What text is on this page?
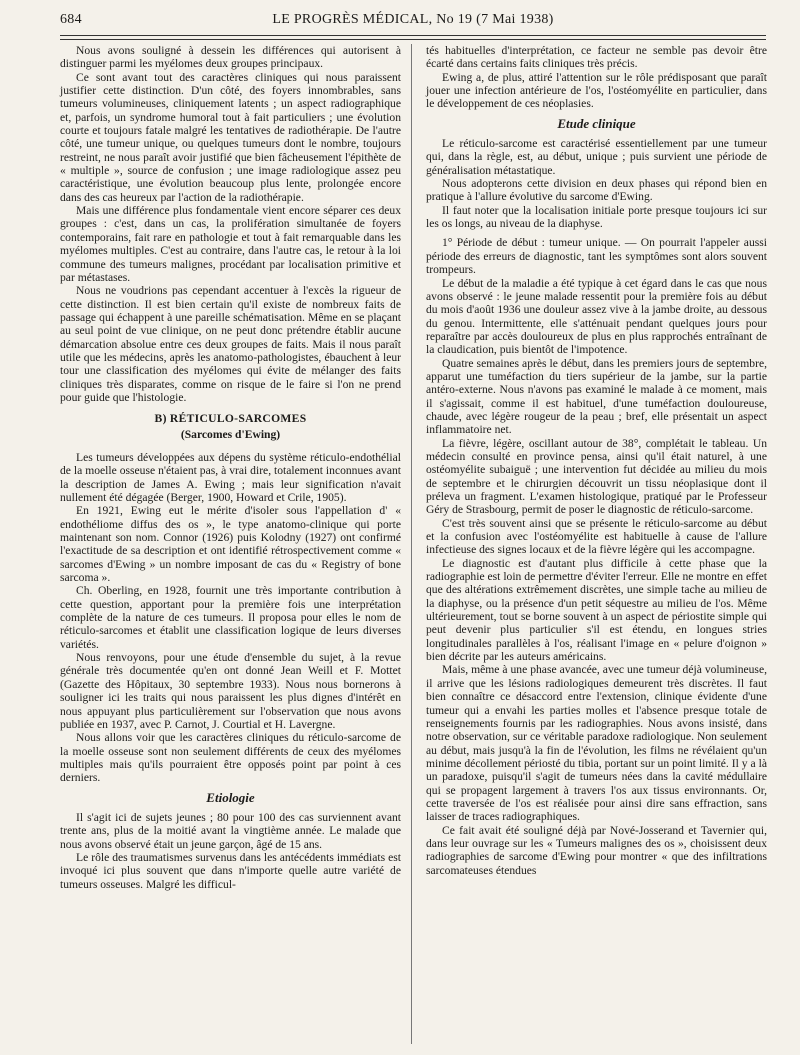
684	LE PROGRÈS MÉDICAL, No 19 (7 Mai 1938)

Nous avons souligné à dessein les différences qui autorisent à distinguer parmi les myélomes deux groupes principaux.

Ce sont avant tout des caractères cliniques qui nous paraissent justifier cette distinction. D'un côté, des foyers innombrables, sans tumeurs volumineuses, cliniquement latents ; un aspect radiographique et, parfois, un syndrome humoral tout à fait particuliers ; une évolution courte et toujours fatale malgré les tentatives de radiothérapie. De l'autre côté, une tumeur unique, ou quelques tumeurs dont le nombre, toujours restreint, ne nous paraît avoir justifié que bien fâcheusement l'épithète de « multiple », source de confusion ; une image radiologique assez peu caractéristique, une évolution beaucoup plus lente, prolongée encore dans des cas heureux par l'action de la radiothérapie.

Mais une différence plus fondamentale vient encore séparer ces deux groupes : c'est, dans un cas, la prolifération simultanée de foyers contemporains, fait rare en pathologie et tout à fait remarquable dans les myélomes multiples. C'est au contraire, dans l'autre cas, le retour à la loi commune des tumeurs malignes, procédant par localisation primitive et par métastases.

Nous ne voudrions pas cependant accentuer à l'excès la rigueur de cette distinction. Il est bien certain qu'il existe de nombreux faits de passage qui échappent à une pareille schématisation. Même en se plaçant au seul point de vue clinique, on ne peut donc prétendre établir aucune démarcation absolue entre ces deux groupes de faits. Mais il nous paraît utile que les médecins, après les anatomo-pathologistes, ébauchent à leur tour une classification des myélomes qui évite de mélanger des faits cliniques très disparates, comme on risque de le faire si l'on ne prend pour guide que l'histologie.

B) RÉTICULO-SARCOMES
(Sarcomes d'Ewing)

Les tumeurs développées aux dépens du système réticulo-endothélial de la moelle osseuse n'étaient pas, à vrai dire, totalement inconnues avant la description de James A. Ewing ; mais leur signification n'avait nullement été dégagée (Berger, 1900, Howard et Crile, 1905).

En 1921, Ewing eut le mérite d'isoler sous l'appellation d' « endothéliome diffus des os », le type anatomo-clinique qui porte maintenant son nom. Connor (1926) puis Kolodny (1927) ont confirmé l'exactitude de sa description et ont identifié rétrospectivement comme « sarcomes d'Ewing » un nombre imposant de cas du « Registry of bone sarcoma ».

Ch. Oberling, en 1928, fournit une très importante contribution à cette question, apportant pour la première fois une interprétation complète de la nature de ces tumeurs. Il proposa pour elles le nom de réticulo-sarcomes et établit une classification logique de leurs diverses variétés.

Nous renvoyons, pour une étude d'ensemble du sujet, à la revue générale très documentée qu'en ont donné Jean Weill et F. Mottet (Gazette des Hôpitaux, 30 septembre 1933). Nous nous bornerons à souligner ici les traits qui nous paraissent les plus dignes d'intérêt en nous appuyant plus particulièrement sur l'observation que nous avons publiée en 1937, avec P. Carnot, J. Courtial et H. Lavergne.

Nous allons voir que les caractères cliniques du réticulo-sarcome de la moelle osseuse sont non seulement différents de ceux des myélomes multiples mais qu'ils pourraient être opposés point par point à ces derniers.

Etiologie

Il s'agit ici de sujets jeunes ; 80 pour 100 des cas surviennent avant trente ans, plus de la moitié avant la vingtième année. Le malade que nous avons observé était un jeune garçon, âgé de 15 ans.

Le rôle des traumatismes survenus dans les antécédents immédiats est invoqué ici plus souvent que dans n'importe quelle autre variété de tumeurs osseuses. Malgré les difficul-

tés habituelles d'interprétation, ce facteur ne semble pas devoir être écarté dans certains faits cliniques très précis.

Ewing a, de plus, attiré l'attention sur le rôle prédisposant que paraît jouer une infection antérieure de l'os, l'ostéomyélite en particulier, dans le développement de ces néoplasies.

Etude clinique

Le réticulo-sarcome est caractérisé essentiellement par une tumeur qui, dans la règle, est, au début, unique ; puis survient une période de généralisation métastatique.

Nous adopterons cette division en deux phases qui répond bien en pratique à l'allure évolutive du sarcome d'Ewing.

Il faut noter que la localisation initiale porte presque toujours ici sur les os longs, au niveau de la diaphyse.

1° Période de début : tumeur unique. — On pourrait l'appeler aussi période des erreurs de diagnostic, tant les symptômes sont alors souvent trompeurs.

Le début de la maladie a été typique à cet égard dans le cas que nous avons observé : le jeune malade ressentit pour la première fois au début du mois d'août 1936 une douleur assez vive à la jambe droite, au dessous du genou. Intermittente, elle s'atténuait pendant quelques jours pour reparaître par accès douloureux de plus en plus rapprochés entraînant de la claudication, puis bientôt de l'impotence.

Quatre semaines après le début, dans les premiers jours de septembre, apparut une tuméfaction du tiers supérieur de la jambe, sur la partie antéro-externe. Nous n'avons pas examiné le malade à ce moment, mais il s'agissait, comme il est habituel, d'une tuméfaction douloureuse, chaude, avec légère rougeur de la peau ; bref, elle présentait un aspect inflammatoire net.

La fièvre, légère, oscillant autour de 38°, complétait le tableau. Un médecin consulté en province pensa, ainsi qu'il était naturel, à une ostéomyélite subaiguë ; une intervention fut décidée au milieu du mois de septembre et le chirurgien découvrit un tissu néoplasique dont il préleva un fragment. L'examen histologique, pratiqué par le Professeur Géry de Strasbourg, permit de poser le diagnostic de réticulo-sarcome.

C'est très souvent ainsi que se présente le réticulo-sarcome au début et la confusion avec l'ostéomyélite est habituelle à cause de l'allure infectieuse des signes locaux et de la fièvre légère qui les accompagne.

Le diagnostic est d'autant plus difficile à cette phase que la radiographie est loin de permettre d'éviter l'erreur. Elle ne montre en effet que des altérations extrêmement discrètes, une simple tache au milieu de la diaphyse, ou la présence d'un petit séquestre au milieu de l'os. Même ultérieurement, tout se borne souvent à un aspect de périostite simple qui peut devenir plus particulier s'il est étendu, en longues stries longitudinales parallèles à l'os, réalisant l'image en « pelure d'oignon » bien décrite par les auteurs américains.

Mais, même à une phase avancée, avec une tumeur déjà volumineuse, il arrive que les lésions radiologiques demeurent très discrètes. Il faut bien connaître ce désaccord entre l'extension, clinique évidente d'une tumeur qui a envahi les parties molles et l'absence presque totale de renseignements fournis par les radiographies. Nous avons insisté, dans notre observation, sur ce véritable paradoxe radiologique. Non seulement au début, mais jusqu'à la fin de l'évolution, les films ne révélaient qu'un minime décollement périosté du tibia, portant sur un point limité. Il y a là un paradoxe, puisqu'il s'agit de tumeurs nées dans la cavité médullaire qui se propagent largement à travers l'os aux tissus environnants. Or, cette traversée de l'os est réalisée pour ainsi dire sans effraction, sans laisser de traces radiographiques.

Ce fait avait été souligné déjà par Nové-Josserand et Tavernier qui, dans leur ouvrage sur les « Tumeurs malignes des os », choisissent deux radiographies de sarcome d'Ewing pour montrer « que des infiltrations sarcomateuses étendues
